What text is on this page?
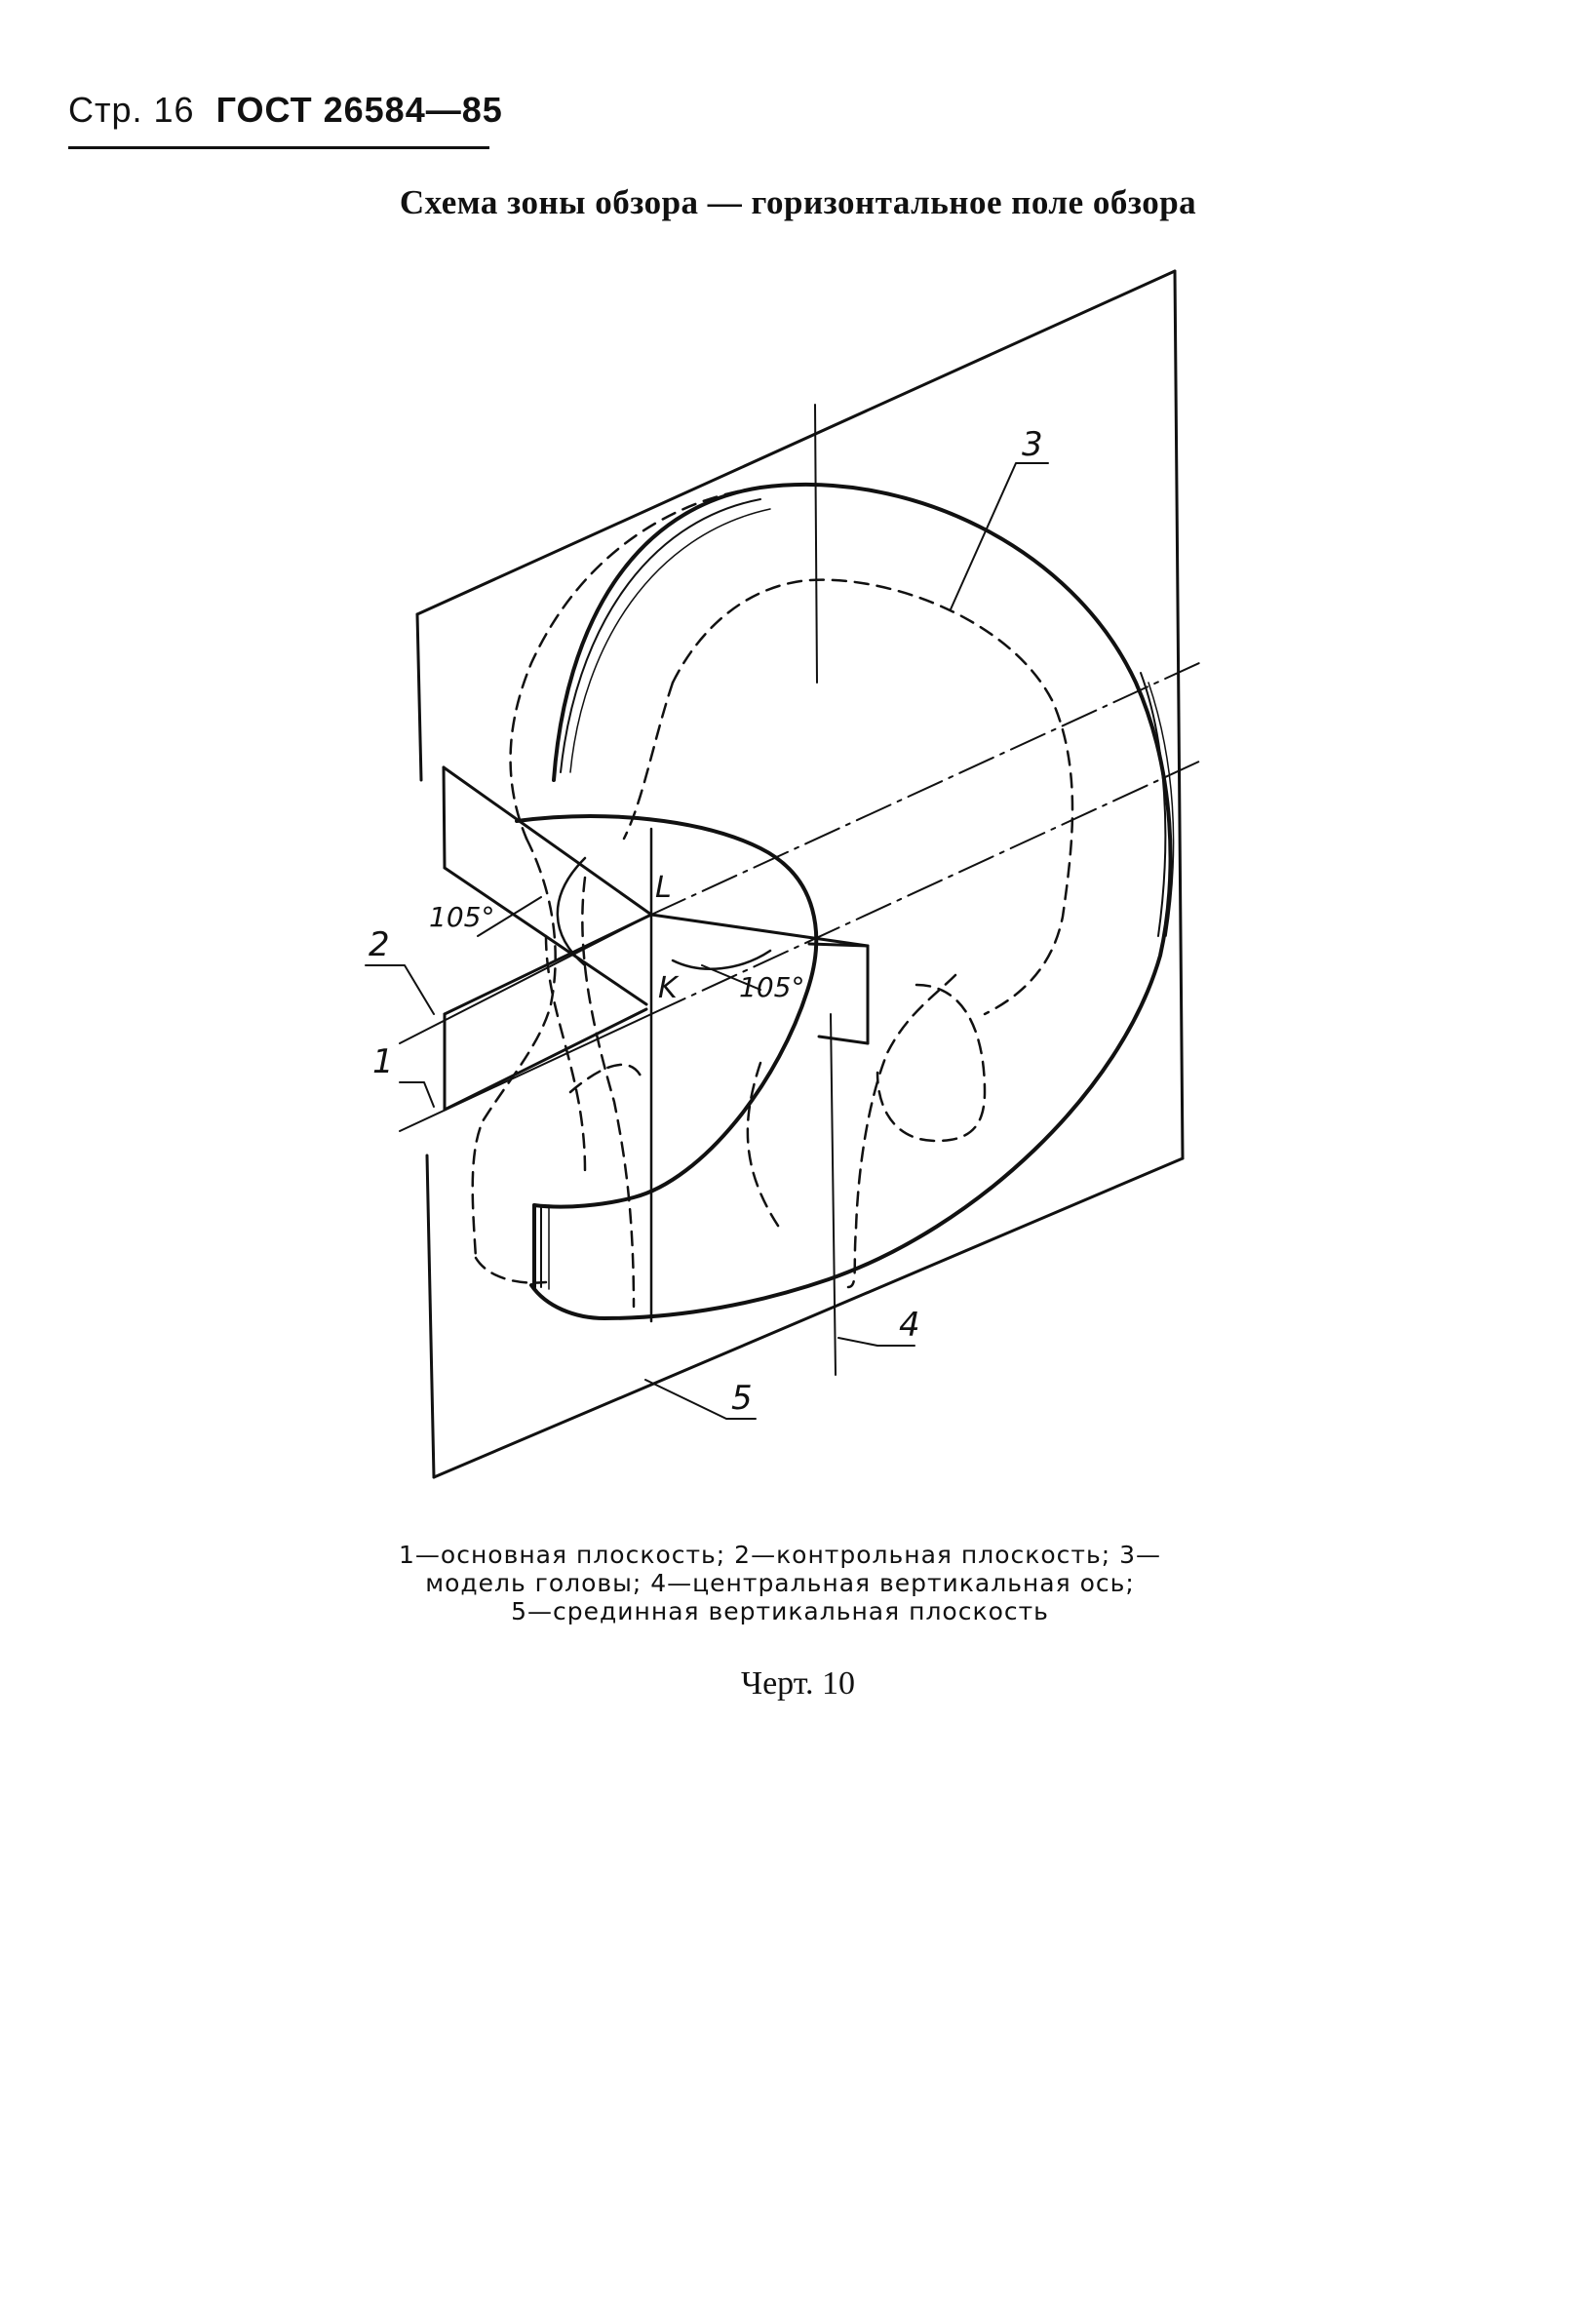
Стр. 16 ГОСТ 26584—85
Схема зоны обзора — горизонтальное поле обзора
3
2
1
4
5
L
K
105°
105°
1—основная плоскость; 2—контрольная плоскость; 3—
модель головы; 4—центральная вертикальная ось;
5—срединная вертикальная плоскость
Черт. 10
